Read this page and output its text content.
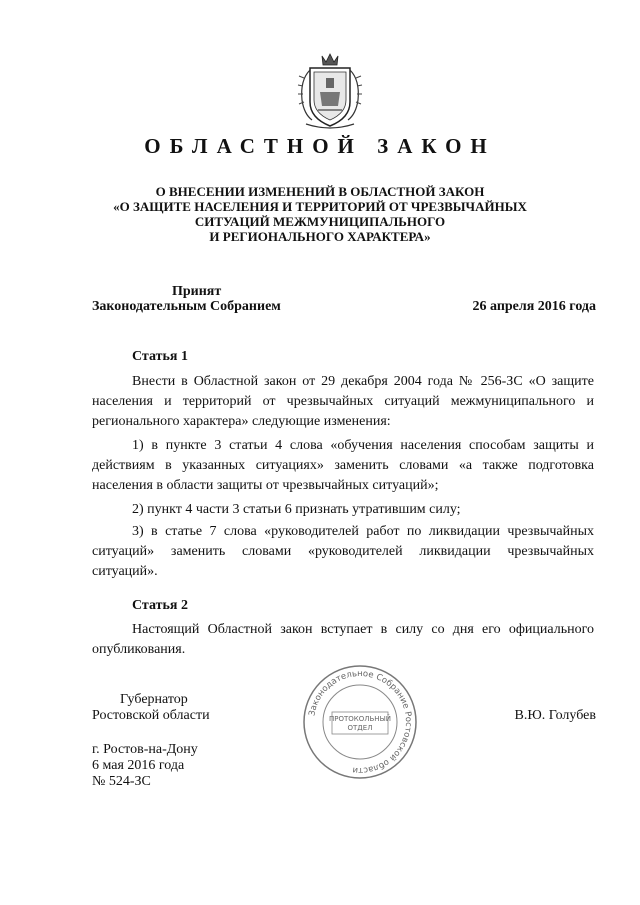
ОБЛАСТНОЙ ЗАКОН
О ВНЕСЕНИИ ИЗМЕНЕНИЙ В ОБЛАСТНОЙ ЗАКОН
«О ЗАЩИТЕ НАСЕЛЕНИЯ И ТЕРРИТОРИЙ ОТ ЧРЕЗВЫЧАЙНЫХ
СИТУАЦИЙ МЕЖМУНИЦИПАЛЬНОГО
И РЕГИОНАЛЬНОГО ХАРАКТЕРА»
Принят
Законодательным Собранием	26 апреля 2016 года
Статья 1
Внести в Областной закон от 29 декабря 2004 года № 256-ЗС «О защите населения и территорий от чрезвычайных ситуаций межмуниципального и регионального характера» следующие изменения:
1) в пункте 3 статьи 4 слова «обучения населения способам защиты и действиям в указанных ситуациях» заменить словами «а также подготовка населения в области защиты от чрезвычайных ситуаций»;
2) пункт 4 части 3 статьи 6 признать утратившим силу;
3) в статье 7 слова «руководителей работ по ликвидации чрезвычайных ситуаций» заменить словами «руководителей ликвидации чрезвычайных ситуаций».
Статья 2
Настоящий Областной закон вступает в силу со дня его официального опубликования.
Губернатор
Ростовской области	В.Ю. Голубев
Законодательное Собрание Ростовской области
ПРОТОКОЛЬНЫЙ
ОТДЕЛ
г. Ростов-на-Дону
6 мая 2016 года
№ 524-ЗС
